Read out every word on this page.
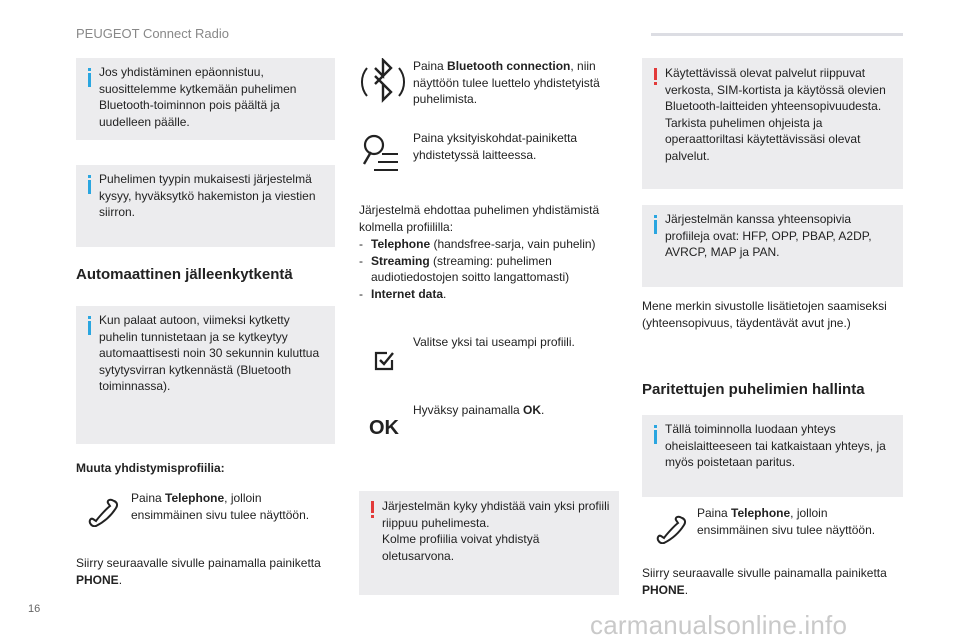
PEUGEOT Connect Radio
Jos yhdistäminen epäonnistuu, suosittelemme kytkemään puhelimen Bluetooth-toiminnon pois päältä ja uudelleen päälle.
Puhelimen tyypin mukaisesti järjestelmä kysyy, hyväksytkö hakemiston ja viestien siirron.
Automaattinen jälleenkytkentä
Kun palaat autoon, viimeksi kytketty puhelin tunnistetaan ja se kytkeytyy automaattisesti noin 30 sekunnin kuluttua sytytysvirran kytkennästä (Bluetooth toiminnassa).
Muuta yhdistymisprofiilia:
Paina Telephone, jolloin ensimmäinen sivu tulee näyttöön.
Siirry seuraavalle sivulle painamalla painiketta PHONE.
Paina Bluetooth connection, niin näyttöön tulee luettelo yhdistetyistä puhelimista.
Paina yksityiskohdat-painiketta yhdistetyssä laitteessa.
Järjestelmä ehdottaa puhelimen yhdistämistä kolmella profiililla:
- Telephone (handsfree-sarja, vain puhelin)
- Streaming (streaming: puhelimen audiotiedostojen soitto langattomasti)
- Internet data.
Valitse yksi tai useampi profiili.
OK
Hyväksy painamalla OK.
Järjestelmän kyky yhdistää vain yksi profiili riippuu puhelimesta.
Kolme profiilia voivat yhdistyä oletusarvona.
Käytettävissä olevat palvelut riippuvat verkosta, SIM-kortista ja käytössä olevien Bluetooth-laitteiden yhteensopivuudesta. Tarkista puhelimen ohjeista ja operaattoriltasi käytettävissäsi olevat palvelut.
Järjestelmän kanssa yhteensopivia profiileja ovat: HFP, OPP, PBAP, A2DP, AVRCP, MAP ja PAN.
Mene merkin sivustolle lisätietojen saamiseksi (yhteensopivuus, täydentävät avut jne.)
Paritettujen puhelimien hallinta
Tällä toiminnolla luodaan yhteys oheislaitteeseen tai katkaistaan yhteys, ja myös poistetaan paritus.
Paina Telephone, jolloin ensimmäinen sivu tulee näyttöön.
Siirry seuraavalle sivulle painamalla painiketta PHONE.
16
carmanualsonline.info
